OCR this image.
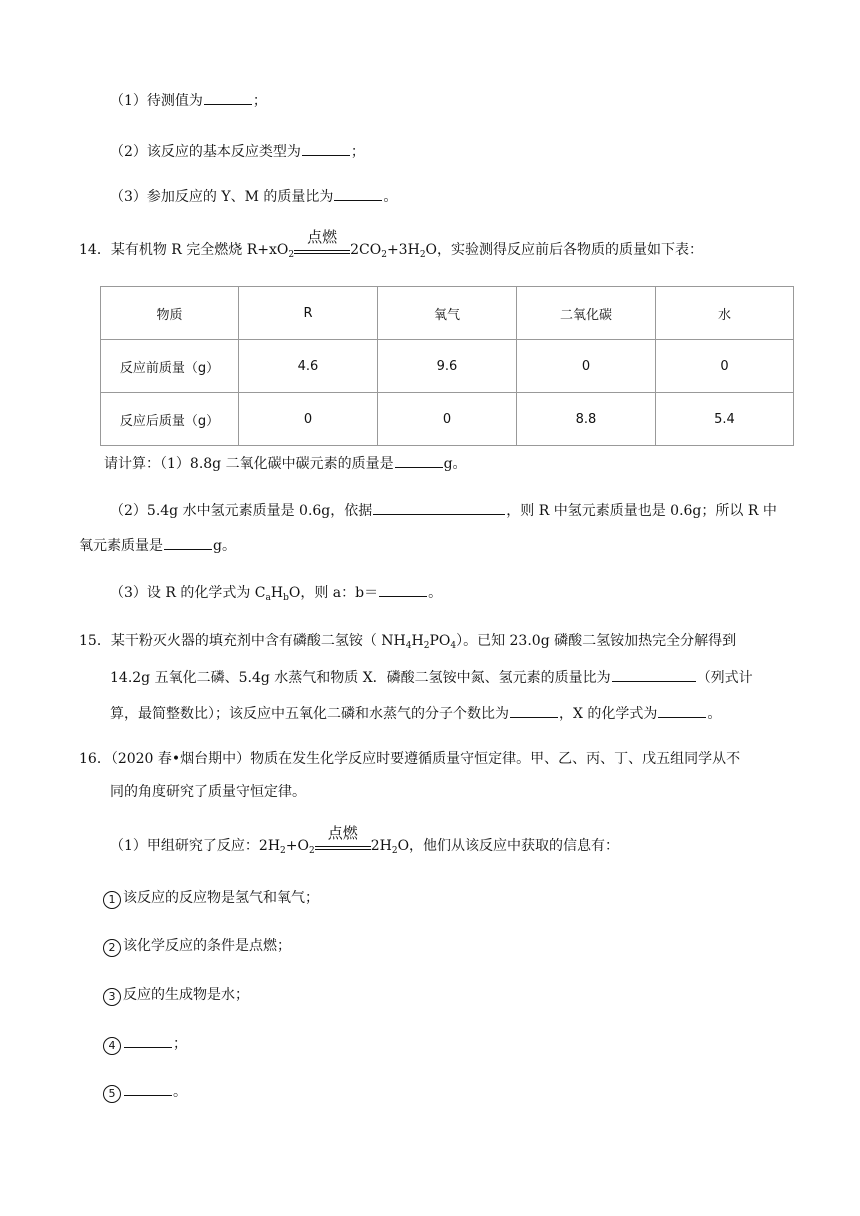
（1）待测值为	；
（2）该反应的基本反应类型为	；
（3）参加反应的 Y、M 的质量比为	。
14．某有机物 R 完全燃烧 $R+xO_2$
点燃
$2CO_2+3H_2O$，实验测得反应前后各物质的质量如下表：
物质	R	氧气	二氧化碳	水
反应前质量（g）	4.6	9.6	0	0
反应后质量（g）	0	0	8.8	5.4
请计算：（1）8.8g 二氧化碳中碳元素的质量是	g。
（2）5.4g 水中氢元素质量是 0.6g，依据	，则 R 中氢元素质量也是 0.6g；所以 R 中
氧元素质量是	g。
（3）设 R 的化学式为 $C_aH_bO$，则 a：b＝	。
15．某干粉灭火器的填充剂中含有磷酸二氢铵（ $NH_4H_2PO_4$）。已知 23.0g 磷酸二氢铵加热完全分解得到
14.2g 五氧化二磷、5.4g 水蒸气和物质 X．磷酸二氢铵中氮、氢元素的质量比为	（列式计
算，最简整数比）；该反应中五氧化二磷和水蒸气的分子个数比为	，X 的化学式为	。
16．（2020 春•烟台期中）物质在发生化学反应时要遵循质量守恒定律。甲、乙、丙、丁、戊五组同学从不
同的角度研究了质量守恒定律。
（1）甲组研究了反应：$2H_2+O_2$
点燃
$2H_2O$，他们从该反应中获取的信息有：
1 该反应的反应物是氢气和氧气；
2 该化学反应的条件是点燃；
3 反应的生成物是水；
4	；
5	。
